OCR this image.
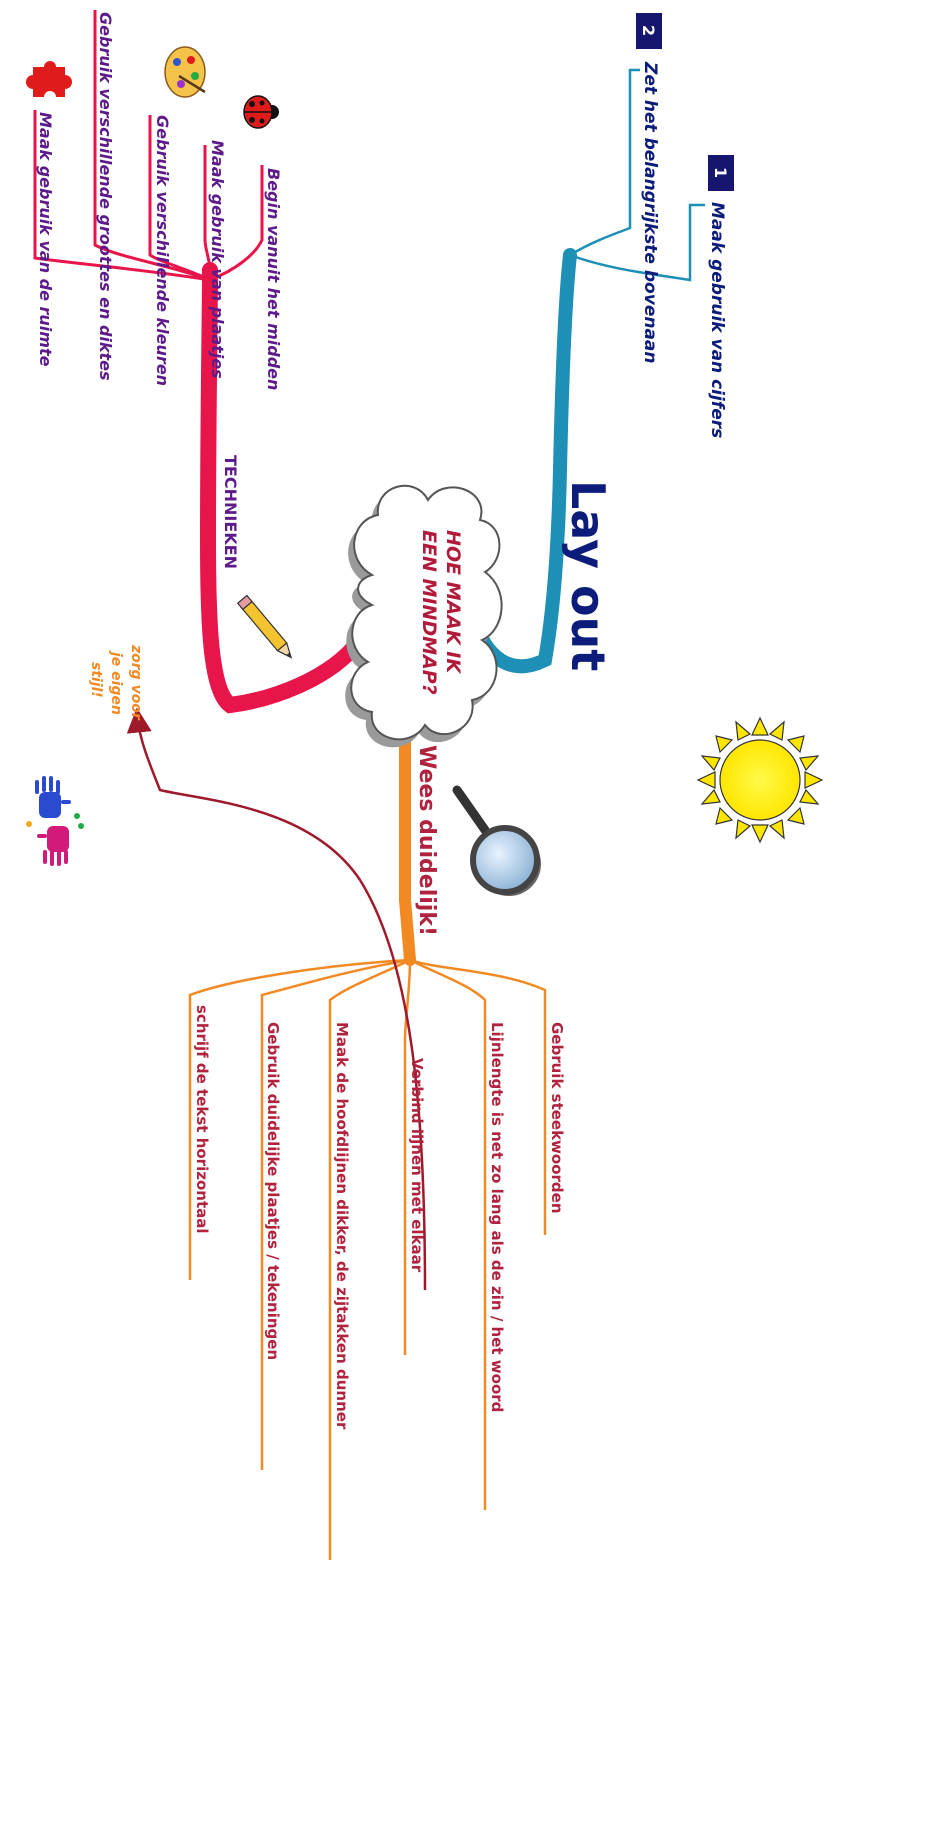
HOE MAAK IK
EEN MINDMAP?	Lay out
1
Maak gebruik van cijfers
2
Zet het belangrijkste bovenaan
TECHNIEKEN
Begin vanuit het midden
Maak gebruik van plaatjes
Gebruik verschillende kleuren
Gebruik verschillende groottes en diktes
Maak gebruik van de ruimte
Wees duidelijk!
Gebruik steekwoorden
Lijnlengte is net zo lang als de zin / het woord
Verbind lijnen met elkaar
Maak de hoofdlijnen dikker, de zijtakken dunner
Gebruik duidelijke plaatjes / tekeningen
schrijf de tekst horizontaal
zorg voor
je eigen
stijl!
